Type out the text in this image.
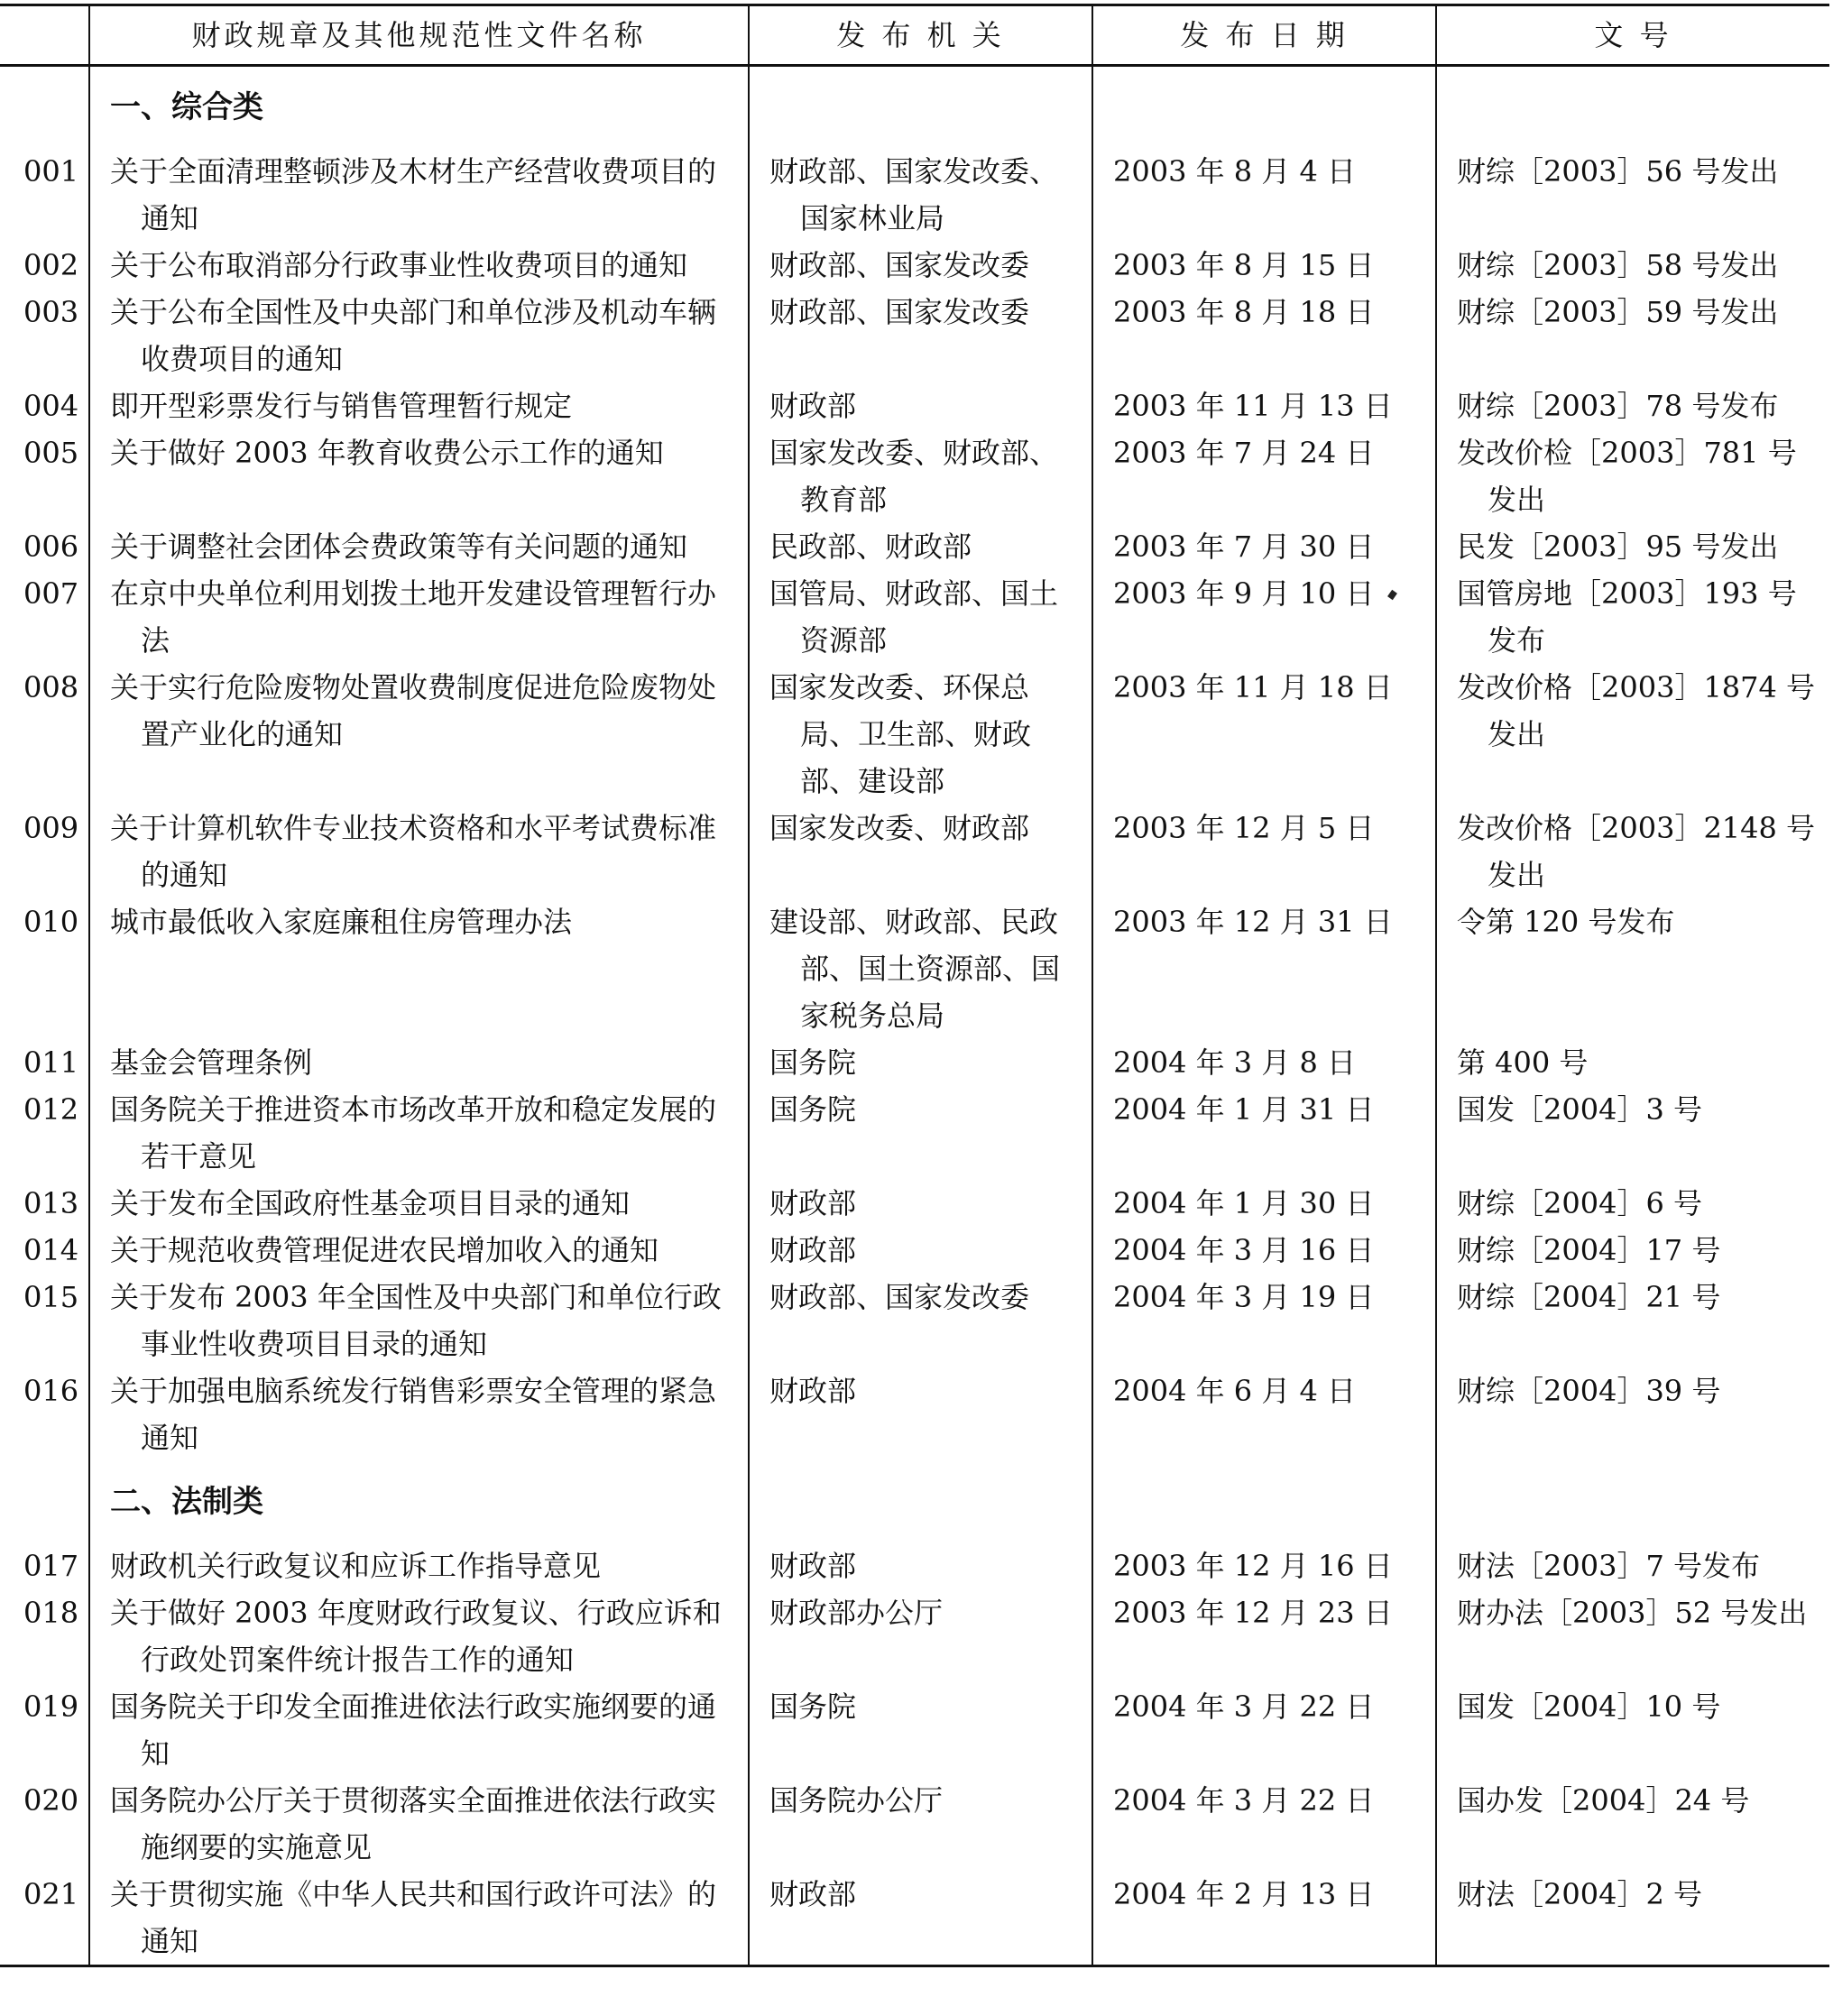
	财政规章及其他规范性文件名称	发 布 机 关	发 布 日 期	文 号
	一、综合类			
001	关于全面清理整顿涉及木材生产经营收费项目的通知	财政部、国家发改委、国家林业局	2003 年 8 月 4 日	财综［2003］56 号发出

002	关于公布取消部分行政事业性收费项目的通知	财政部、国家发改委	2003 年 8 月 15 日	财综［2003］58 号发出

003	关于公布全国性及中央部门和单位涉及机动车辆收费项目的通知	财政部、国家发改委	2003 年 8 月 18 日	财综［2003］59 号发出

004	即开型彩票发行与销售管理暂行规定	财政部	2003 年 11 月 13 日	财综［2003］78 号发布

005	关于做好 2003 年教育收费公示工作的通知	国家发改委、财政部、教育部	2003 年 7 月 24 日	发改价检［2003］781 号发出

006	关于调整社会团体会费政策等有关问题的通知	民政部、财政部	2003 年 7 月 30 日	民发［2003］95 号发出

007	在京中央单位利用划拨土地开发建设管理暂行办法	国管局、财政部、国土资源部	2003 年 9 月 10 日	国管房地［2003］193 号发布

008	关于实行危险废物处置收费制度促进危险废物处置产业化的通知	国家发改委、环保总局、卫生部、财政部、建设部	2003 年 11 月 18 日	发改价格［2003］1874 号发出

009	关于计算机软件专业技术资格和水平考试费标准的通知	国家发改委、财政部	2003 年 12 月 5 日	发改价格［2003］2148 号发出

010	城市最低收入家庭廉租住房管理办法	建设部、财政部、民政部、国土资源部、国家税务总局	2003 年 12 月 31 日	令第 120 号发布

011	基金会管理条例	国务院	2004 年 3 月 8 日	第 400 号

012	国务院关于推进资本市场改革开放和稳定发展的若干意见	国务院	2004 年 1 月 31 日	国发［2004］3 号

013	关于发布全国政府性基金项目目录的通知	财政部	2004 年 1 月 30 日	财综［2004］6 号

014	关于规范收费管理促进农民增加收入的通知	财政部	2004 年 3 月 16 日	财综［2004］17 号

015	关于发布 2003 年全国性及中央部门和单位行政事业性收费项目目录的通知	财政部、国家发改委	2004 年 3 月 19 日	财综［2004］21 号

016	关于加强电脑系统发行销售彩票安全管理的紧急通知	财政部	2004 年 6 月 4 日	财综［2004］39 号

	二、法制类			
017	财政机关行政复议和应诉工作指导意见	财政部	2003 年 12 月 16 日	财法［2003］7 号发布

018	关于做好 2003 年度财政行政复议、行政应诉和行政处罚案件统计报告工作的通知	财政部办公厅	2003 年 12 月 23 日	财办法［2003］52 号发出

019	国务院关于印发全面推进依法行政实施纲要的通知	国务院	2004 年 3 月 22 日	国发［2004］10 号

020	国务院办公厅关于贯彻落实全面推进依法行政实施纲要的实施意见	国务院办公厅	2004 年 3 月 22 日	国办发［2004］24 号

021	关于贯彻实施《中华人民共和国行政许可法》的通知	财政部	2004 年 2 月 13 日	财法［2004］2 号
